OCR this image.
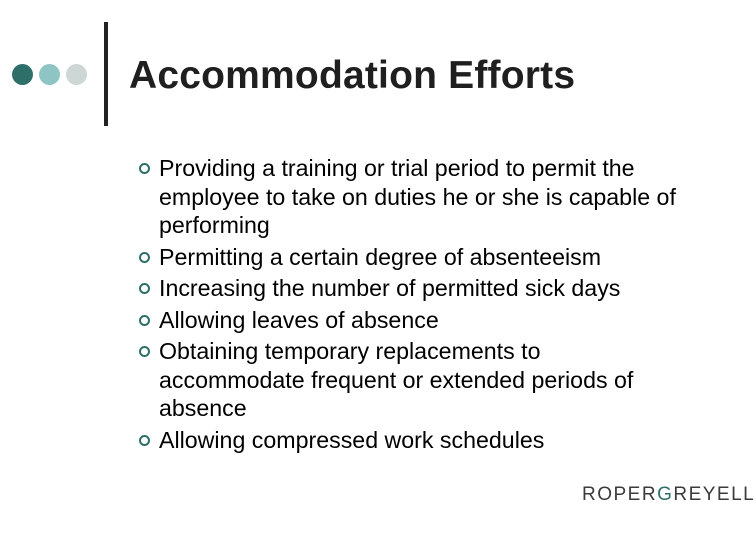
Accommodation Efforts
Providing a training or trial period to permit the employee to take on duties he or she is capable of performing
Permitting a certain degree of absenteeism
Increasing the number of permitted sick days
Allowing leaves of absence
Obtaining temporary replacements to accommodate frequent or extended periods of absence
Allowing compressed work schedules
ROPERGREYELL
